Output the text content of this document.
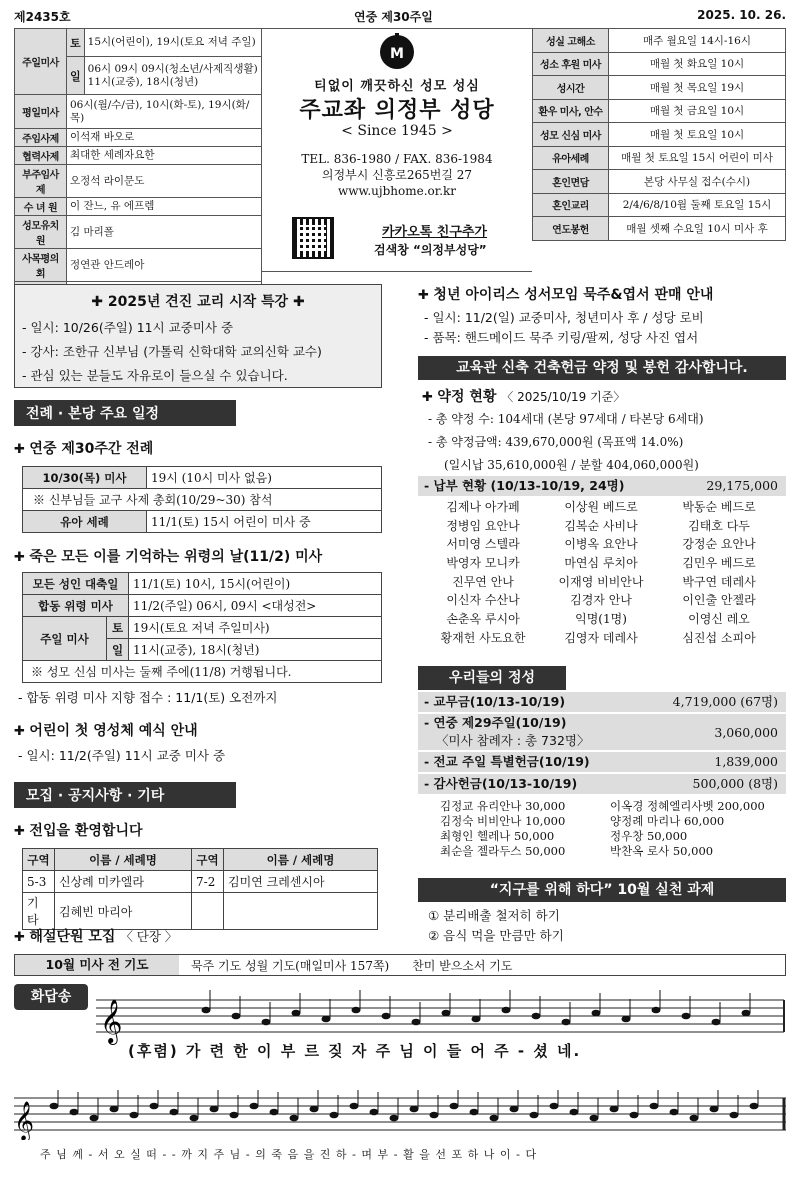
제2435호	연중 제30주일	2025. 10. 26.
주일미사	토	15시(어린이), 19시(토요 저녁 주일)
	일	06시 09시 09시(청소년/사제직생활) 11시(교중), 18시(청년)
평일미사	06시(월/수/금), 10시(화-토), 19시(화/목)	
주임사제	이석재 바오로	
협력사제	최대한 세례자요한	
부주임사제	오정석 라이문도	
수 녀 원	이 잔느, 유 에프렘	
성모유치원	김 마리폴	
사목평의회	정연관 안드레아	

M
티없이 깨끗하신 성모 성심
주교좌 의정부 성당
< Since 1945 >
TEL. 836-1980 / FAX. 836-1984
의정부시 신흥로265번길 27
www.ujbhome.or.kr
카카오톡 친구추가
검색창 “의정부성당”
성실 고해소	매주 월요일 14시-16시
성소 후원 미사	매월 첫 화요일 10시
성시간	매월 첫 목요일 19시
환우 미사, 안수	매월 첫 금요일 10시
성모 신심 미사	매월 첫 토요일 10시
유아세례	매월 첫 토요일 15시 어린이 미사
혼인면담	본당 사무실 접수(수시)
혼인교리	2/4/6/8/10월 둘째 토요일 15시
연도봉헌	매월 셋째 수요일 10시 미사 후
✚ 2025년 견진 교리 시작 특강 ✚
- 일시: 10/26(주일) 11시 교중미사 중
- 강사: 조한규 신부님 (가톨릭 신학대학 교의신학 교수)
- 관심 있는 분들도 자유로이 들으실 수 있습니다.
전례 · 본당 주요 일정
✚ 연중 제30주간 전례
10/30(목) 미사	19시 (10시 미사 없음)
※ 신부님들 교구 사제 총회(10/29~30) 참석	
유아 세례	11/1(토) 15시 어린이 미사 중
✚ 죽은 모든 이를 기억하는 위령의 날(11/2) 미사
모든 성인 대축일		11/1(토) 10시, 15시(어린이)
합동 위령 미사		11/2(주일) 06시, 09시 <대성전>
주일 미사	토	19시(토요 저녁 주일미사)
	일	11시(교중), 18시(청년)
※ 성모 신심 미사는 둘째 주에(11/8) 거행됩니다.		
- 합동 위령 미사 지향 접수 : 11/1(토) 오전까지
✚ 어린이 첫 영성체 예식 안내
- 일시: 11/2(주일) 11시 교중 미사 중
모집 · 공지사항 · 기타
✚ 전입을 환영합니다
구역	이름 / 세례명	구역	이름 / 세례명
5-3	신상례 미카엘라	7-2	김미연 크레센시아
기타	김혜빈 마리아		
✚ 해설단원 모집 〈 단장 〉
✚ 청년 아이리스 성서모임 묵주&엽서 판매 안내
- 일시: 11/2(일) 교중미사, 청년미사 후 / 성당 로비
- 품목: 핸드메이드 묵주 키링/팔찌, 성당 사진 엽서
교육관 신축 건축헌금 약정 및 봉헌 감사합니다.
✚ 약정 현황 〈 2025/10/19 기준〉
- 총 약정 수: 104세대 (본당 97세대 / 타본당 6세대)
- 총 약정금액: 439,670,000원 (목표액 14.0%)
(일시납 35,610,000원 / 분할 404,060,000원)
- 납부 현황 (10/13-10/19, 24명)	29,175,000
김제나 아가페	이상원 베드로	박동순 베드로
정병임 요안나	김복순 사비나	김태호 다두
서미영 스텔라	이병옥 요안나	강정순 요안나
박영자 모니카	마연심 루치아	김민우 베드로
진무연 안나	이재영 비비안나	박구연 데레사
이신자 수산나	김경자 안나	이인출 안젤라
손춘옥 루시아	익명(1명)	이영신 레오
황재헌 사도요한	김영자 데레사	심진섭 소피아
우리들의 정성
- 교무금(10/13-10/19)	4,719,000 (67명)
- 연중 제29주일(10/19)
〈미사 참례자 : 총 732명〉
3,060,000
- 전교 주일 특별헌금(10/19)	1,839,000
- 감사헌금(10/13-10/19)	500,000 (8명)
김정교 유리안나 30,000	이옥경 정혜엘리사벳 200,000
김정숙 비비안나 10,000	양정례 마리나 60,000
최형인 헬레나 50,000	정우창 50,000
최순을 젤라두스 50,000	박찬옥 로사 50,000
“지구를 위해 하다” 10월 실천 과제
① 분리배출 철저히 하기
② 음식 먹을 만큼만 하기
10월 미사 전 기도	묵주 기도 성월 기도(매일미사 157쪽)      찬미 받으소서 기도
화답송
𝄞
(후렴) 가 련 한 이 부 르 짖 자 주 님 이 들 어 주 - 셨 네.
𝄞
주 님 께 - 서 오 실 떠 - - 까 지 주 님 - 의 죽 음 을 진 하 - 며 부 - 활 을 선 포 하 나 이 - 다
